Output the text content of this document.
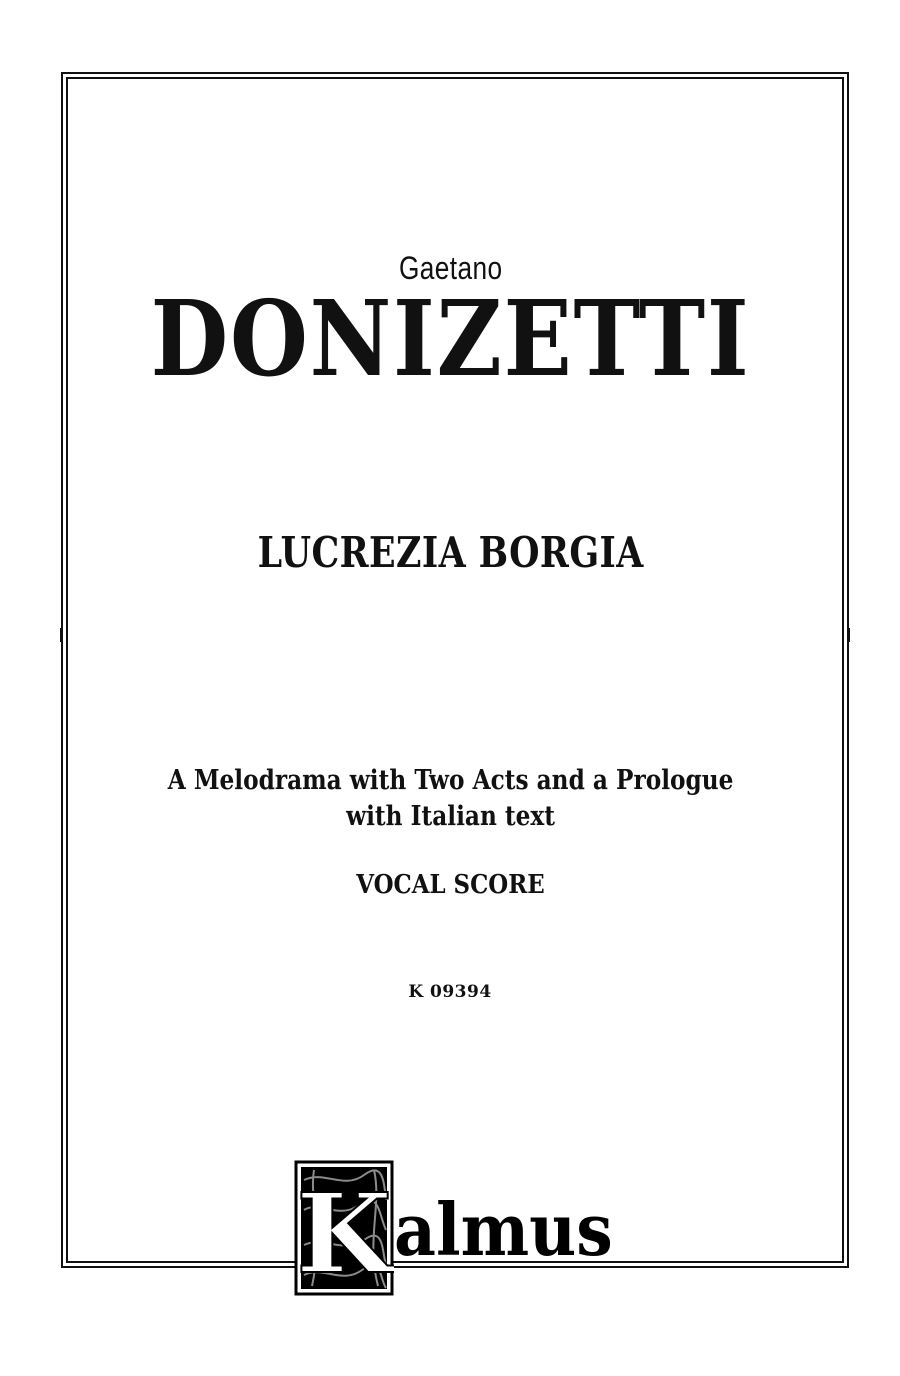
Gaetano
DONIZETTI
LUCREZIA BORGIA
A Melodrama with Two Acts and a Prologue
with Italian text
VOCAL SCORE
K 09394
K almus
